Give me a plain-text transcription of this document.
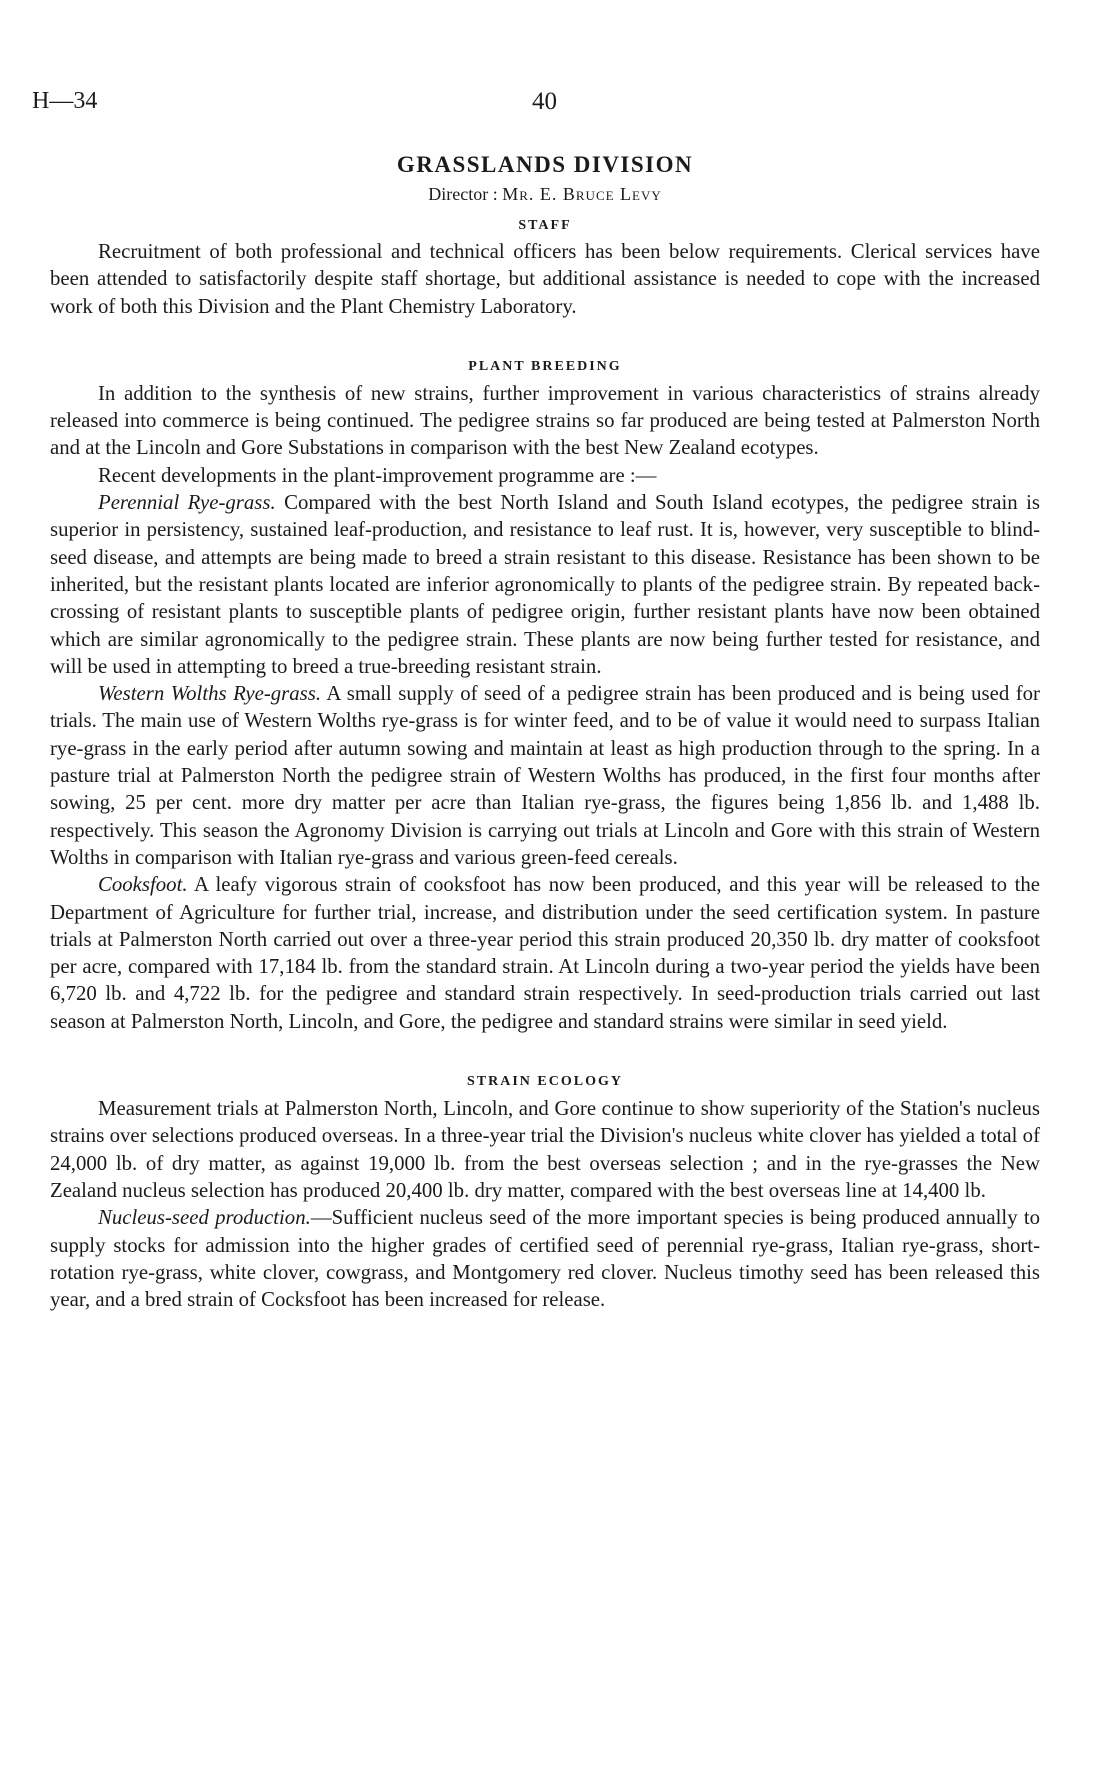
H—34	40
GRASSLANDS DIVISION

Director : Mr. E. Bruce Levy

STAFF

Recruitment of both professional and technical officers has been below requirements. Clerical services have been attended to satisfactorily despite staff shortage, but additional assistance is needed to cope with the increased work of both this Division and the Plant Chemistry Laboratory.

PLANT BREEDING

In addition to the synthesis of new strains, further improvement in various characteristics of strains already released into commerce is being continued. The pedigree strains so far produced are being tested at Palmerston North and at the Lincoln and Gore Substations in comparison with the best New Zealand ecotypes.

Recent developments in the plant-improvement programme are :—

Perennial Rye-grass. Compared with the best North Island and South Island ecotypes, the pedigree strain is superior in persistency, sustained leaf-production, and resistance to leaf rust. It is, however, very susceptible to blind-seed disease, and attempts are being made to breed a strain resistant to this disease. Resistance has been shown to be inherited, but the resistant plants located are inferior agronomically to plants of the pedigree strain. By repeated back-crossing of resistant plants to susceptible plants of pedigree origin, further resistant plants have now been obtained which are similar agronomically to the pedigree strain. These plants are now being further tested for resistance, and will be used in attempting to breed a true-breeding resistant strain.

Western Wolths Rye-grass. A small supply of seed of a pedigree strain has been produced and is being used for trials. The main use of Western Wolths rye-grass is for winter feed, and to be of value it would need to surpass Italian rye-grass in the early period after autumn sowing and maintain at least as high production through to the spring. In a pasture trial at Palmerston North the pedigree strain of Western Wolths has produced, in the first four months after sowing, 25 per cent. more dry matter per acre than Italian rye-grass, the figures being 1,856 lb. and 1,488 lb. respectively. This season the Agronomy Division is carrying out trials at Lincoln and Gore with this strain of Western Wolths in comparison with Italian rye-grass and various green-feed cereals.

Cooksfoot. A leafy vigorous strain of cooksfoot has now been produced, and this year will be released to the Department of Agriculture for further trial, increase, and distribution under the seed certification system. In pasture trials at Palmerston North carried out over a three-year period this strain produced 20,350 lb. dry matter of cooksfoot per acre, compared with 17,184 lb. from the standard strain. At Lincoln during a two-year period the yields have been 6,720 lb. and 4,722 lb. for the pedigree and standard strain respectively. In seed-production trials carried out last season at Palmerston North, Lincoln, and Gore, the pedigree and standard strains were similar in seed yield.

STRAIN ECOLOGY

Measurement trials at Palmerston North, Lincoln, and Gore continue to show superiority of the Station's nucleus strains over selections produced overseas. In a three-year trial the Division's nucleus white clover has yielded a total of 24,000 lb. of dry matter, as against 19,000 lb. from the best overseas selection ; and in the rye-grasses the New Zealand nucleus selection has produced 20,400 lb. dry matter, compared with the best overseas line at 14,400 lb.

Nucleus-seed production.—Sufficient nucleus seed of the more important species is being produced annually to supply stocks for admission into the higher grades of certified seed of perennial rye-grass, Italian rye-grass, short-rotation rye-grass, white clover, cowgrass, and Montgomery red clover. Nucleus timothy seed has been released this year, and a bred strain of Cocksfoot has been increased for release.
